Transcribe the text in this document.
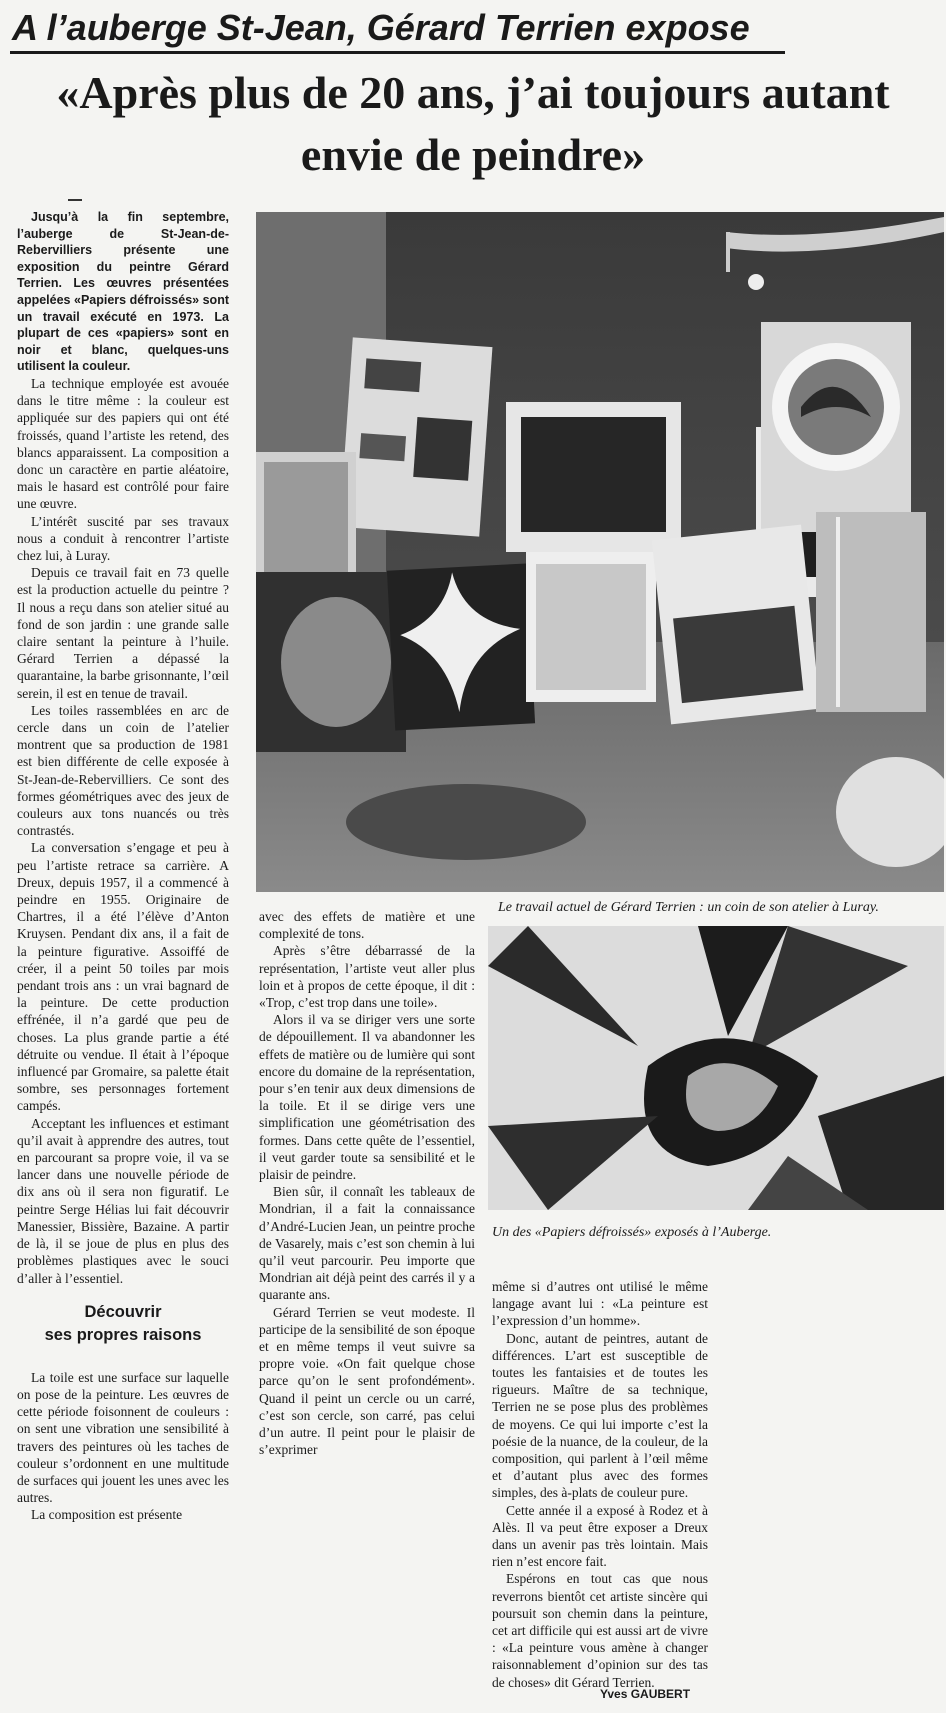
A l’auberge St-Jean, Gérard Terrien expose
«Après plus de 20 ans, j’ai toujours autant envie de peindre»

Jusqu’à la fin septembre, l’auberge de St-Jean-de-Rebervilliers présente une exposition du peintre Gérard Terrien. Les œuvres présentées appelées «Papiers défroissés» sont un travail exécuté en 1973. La plupart de ces «papiers» sont en noir et blanc, quelques-uns utilisent la couleur.

La technique employée est avouée dans le titre même : la couleur est appliquée sur des papiers qui ont été froissés, quand l’artiste les retend, des blancs apparaissent. La composition a donc un caractère en partie aléatoire, mais le hasard est contrôlé pour faire une œuvre.

L’intérêt suscité par ses travaux nous a conduit à rencontrer l’artiste chez lui, à Luray.

Depuis ce travail fait en 73 quelle est la production actuelle du peintre ? Il nous a reçu dans son atelier situé au fond de son jardin : une grande salle claire sentant la peinture à l’huile. Gérard Terrien a dépassé la quarantaine, la barbe grisonnante, l’œil serein, il est en tenue de travail.

Les toiles rassemblées en arc de cercle dans un coin de l’atelier montrent que sa production de 1981 est bien différente de celle exposée à St-Jean-de-Rebervilliers. Ce sont des formes géométriques avec des jeux de couleurs aux tons nuancés ou très contrastés.

La conversation s’engage et peu à peu l’artiste retrace sa carrière. A Dreux, depuis 1957, il a commencé à peindre en 1955. Originaire de Chartres, il a été l’élève d’Anton Kruysen. Pendant dix ans, il a fait de la peinture figurative. Assoiffé de créer, il a peint 50 toiles par mois pendant trois ans : un vrai bagnard de la peinture. De cette production effrénée, il n’a gardé que peu de choses. La plus grande partie a été détruite ou vendue. Il était à l’époque influencé par Gromaire, sa palette était sombre, ses personnages fortement campés.

Acceptant les influences et estimant qu’il avait à apprendre des autres, tout en parcourant sa propre voie, il va se lancer dans une nouvelle période de dix ans où il sera non figuratif. Le peintre Serge Hélias lui fait découvrir Manessier, Bissière, Bazaine. A partir de là, il se joue de plus en plus des problèmes plastiques avec le souci d’aller à l’essentiel.

Découvrir
ses propres raisons

La toile est une surface sur laquelle on pose de la peinture. Les œuvres de cette période foisonnent de couleurs : on sent une vibration une sensibilité à travers des peintures où les taches de couleur s’ordonnent en une multitude de surfaces qui jouent les unes avec les autres.

La composition est présente

Le travail actuel de Gérard Terrien : un coin de son atelier à Luray.

avec des effets de matière et une complexité de tons.

Après s’être débarrassé de la représentation, l’artiste veut aller plus loin et à propos de cette époque, il dit : «Trop, c’est trop dans une toile».

Alors il va se diriger vers une sorte de dépouillement. Il va abandonner les effets de matière ou de lumière qui sont encore du domaine de la représentation, pour s’en tenir aux deux dimensions de la toile. Et il se dirige vers une simplification une géométrisation des formes. Dans cette quête de l’essentiel, il veut garder toute sa sensibilité et le plaisir de peindre.

Bien sûr, il connaît les tableaux de Mondrian, il a fait la connaissance d’André-Lucien Jean, un peintre proche de Vasarely, mais c’est son chemin à lui qu’il veut parcourir. Peu importe que Mondrian ait déjà peint des carrés il y a quarante ans.

Gérard Terrien se veut modeste. Il participe de la sensibilité de son époque et en même temps il veut suivre sa propre voie. «On fait quelque chose parce qu’on le sent profondément». Quand il peint un cercle ou un carré, c’est son cercle, son carré, pas celui d’un autre. Il peint pour le plaisir de s’exprimer

Un des «Papiers défroissés» exposés à l’Auberge.

même si d’autres ont utilisé le même langage avant lui : «La peinture est l’expression d’un homme».

Donc, autant de peintres, autant de différences. L’art est susceptible de toutes les fantaisies et de toutes les rigueurs. Maître de sa technique, Terrien ne se pose plus des problèmes de moyens. Ce qui lui importe c’est la poésie de la nuance, de la couleur, de la composition, qui parlent à l’œil même et d’autant plus avec des formes simples, des à-plats de couleur pure.

Cette année il a exposé à Rodez et à Alès. Il va peut être exposer a Dreux dans un avenir pas très lointain. Mais rien n’est encore fait.

Espérons en tout cas que nous reverrons bientôt cet artiste sincère qui poursuit son chemin dans la peinture, cet art difficile qui est aussi art de vivre : «La peinture vous amène à changer raisonnablement d’opinion sur des tas de choses» dit Gérard Terrien.

Yves GAUBERT
